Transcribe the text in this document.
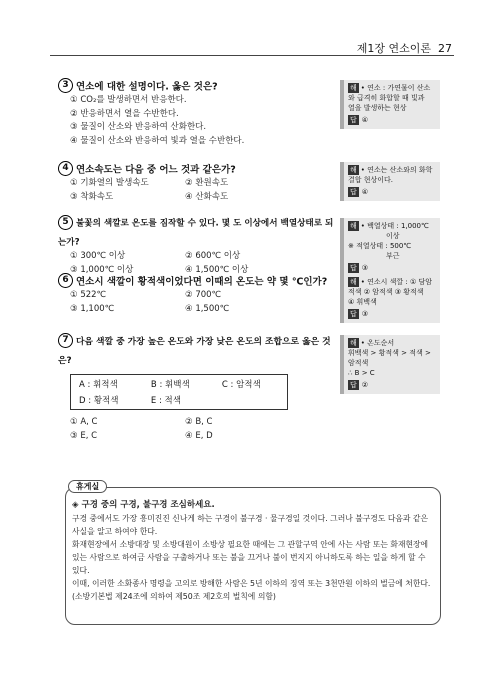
제1장 연소이론 27
3 연소에 대한 설명이다. 옳은 것은?
① CO₂를 발생하면서 반응한다.
② 반응하면서 열을 수반한다.
③ 물질이 산소와 반응하여 산화한다.
④ 물질이 산소와 반응하여 빛과 열을 수반한다.
4 연소속도는 다음 중 어느 것과 같은가?
① 기화열의 발생속도	② 환원속도
③ 착화속도	④ 산화속도
5 불꽃의 색깔로 온도를 짐작할 수 있다. 몇 도 이상에서 백열상태로 되는가?
① 300℃ 이상	② 600℃ 이상
③ 1,000℃ 이상	④ 1,500℃ 이상
6 연소시 색깔이 황적색이었다면 이때의 온도는 약 몇 ℃인가?
① 522℃	② 700℃
③ 1,100℃	④ 1,500℃
7 다음 색깔 중 가장 높은 온도와 가장 낮은 온도의 조합으로 옳은 것은?
A : 휘적색	B : 휘백색	C : 암적색
D : 황적색	E : 적색	
① A, C	② B, C
③ E, C	④ E, D
해 • 연소 : 가연물이 산소
와 급격히 화합할 때 빛과
열을 발생하는 현상
답 ④
해 • 연소는 산소와의 화학
결합 현상이다.
답 ④
해 • 백열상태 : 1,000℃
이상
※ 적열상태 : 500℃
부근
답 ③
해 • 연소시 색깔 : ① 담암
적색 ② 암적색 ③ 황적색
④ 휘백색
답 ③
해 • 온도순서
휘백색 > 황적색 > 적색 >
암적색
∴ B > C
답 ②
휴게실
◈ 구경 중의 구경, 불구경 조심하세요.
구경 중에서도 가장 흥미진진 신나게 하는 구경이 불구경 · 물구경일 것이다. 그러나 불구경도 다음과 같은 사실을 알고 하여야 한다.
화재현장에서 소방대장 및 소방대원이 소방상 필요한 때에는 그 관할구역 안에 사는 사람 또는 화재현장에 있는 사람으로 하여금 사람을 구출하거나 또는 불을 끄거나 불이 번지지 아니하도록 하는 일을 하게 할 수 있다.
이때, 이러한 소화종사 명령을 고의로 방해한 사람은 5년 이하의 징역 또는 3천만원 이하의 벌금에 처한다.(소방기본법 제24조에 의하여 제50조 제2호의 벌칙에 의함)
